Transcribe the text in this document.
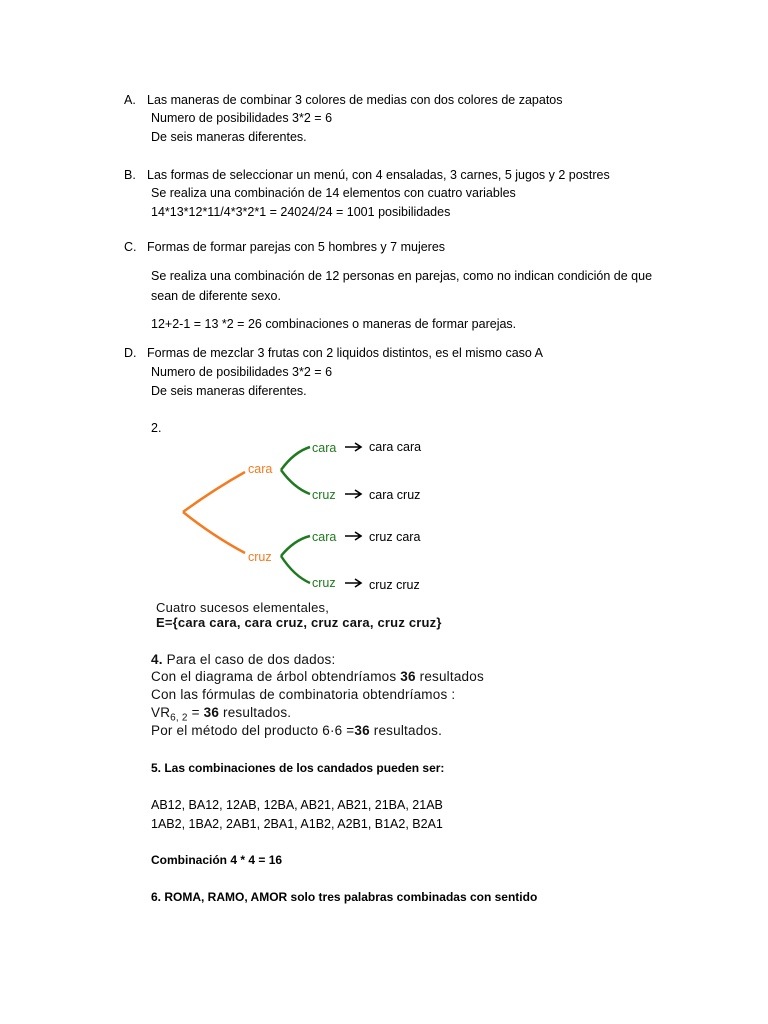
A. Las maneras de combinar 3 colores de medias con dos colores de zapatos
Numero de posibilidades 3*2 = 6
De seis maneras diferentes.
B. Las formas de seleccionar un menú, con 4 ensaladas, 3 carnes, 5 jugos y 2 postres
Se realiza una combinación de 14 elementos con cuatro variables
14*13*12*11/4*3*2*1 = 24024/24 = 1001 posibilidades
C. Formas de formar parejas con 5 hombres y 7 mujeres
Se realiza una combinación de 12 personas en parejas, como no indican condición de que
sean de diferente sexo.
12+2-1 = 13 *2 = 26 combinaciones o maneras de formar parejas.
D. Formas de mezclar 3 frutas con 2 liquidos distintos, es el mismo caso A
Numero de posibilidades 3*2 = 6
De seis maneras diferentes.
2.
cara
cruz
cara
cruz
cara
cruz
cara cara
cara cruz
cruz cara
cruz cruz
Cuatro sucesos elementales,
E={cara cara, cara cruz, cruz cara, cruz cruz}
4. Para el caso de dos dados:
Con el diagrama de árbol obtendríamos 36 resultados
Con las fórmulas de combinatoria obtendríamos :
$VR_{6, 2} = 36$ resultados.
Por el método del producto 6·6 =36 resultados.
5. Las combinaciones de los candados pueden ser:
AB12, BA12, 12AB, 12BA, AB21, AB21, 21BA, 21AB
1AB2, 1BA2, 2AB1, 2BA1, A1B2, A2B1, B1A2, B2A1
Combinación 4 * 4 = 16
6. ROMA, RAMO, AMOR solo tres palabras combinadas con sentido
